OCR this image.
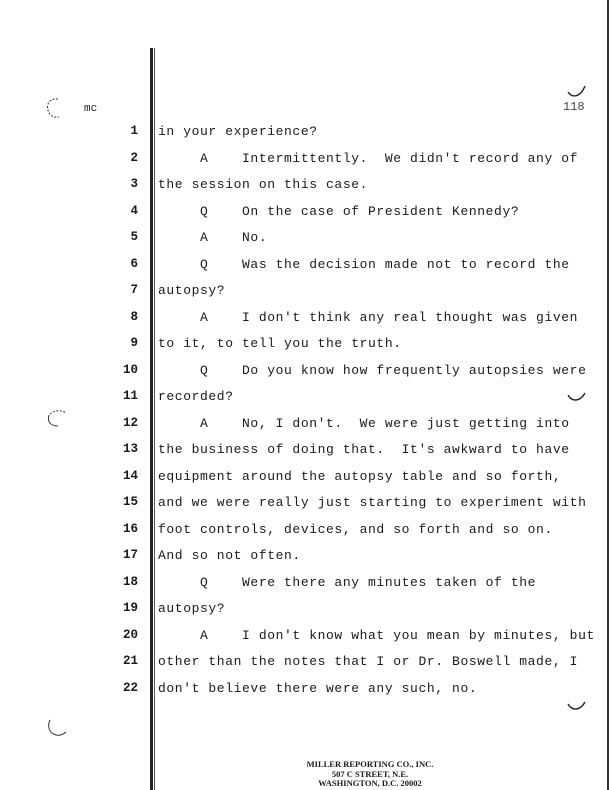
mc	118
1 in your experience?
2 A    Intermittently.  We didn't record any of
3 the session on this case.
4 Q    On the case of President Kennedy?
5 A    No.
6 Q    Was the decision made not to record the
7 autopsy?
8 A    I don't think any real thought was given
9 to it, to tell you the truth.
10 Q    Do you know how frequently autopsies were
11 recorded?
12 A    No, I don't.  We were just getting into
13 the business of doing that.  It's awkward to have
14 equipment around the autopsy table and so forth,
15 and we were really just starting to experiment with
16 foot controls, devices, and so forth and so on.
17 And so not often.
18 Q    Were there any minutes taken of the
19 autopsy?
20 A    I don't know what you mean by minutes, but
21 other than the notes that I or Dr. Boswell made, I
22 don't believe there were any such, no.
MILLER REPORTING CO., INC.
507 C STREET, N.E.
WASHINGTON, D.C. 20002
